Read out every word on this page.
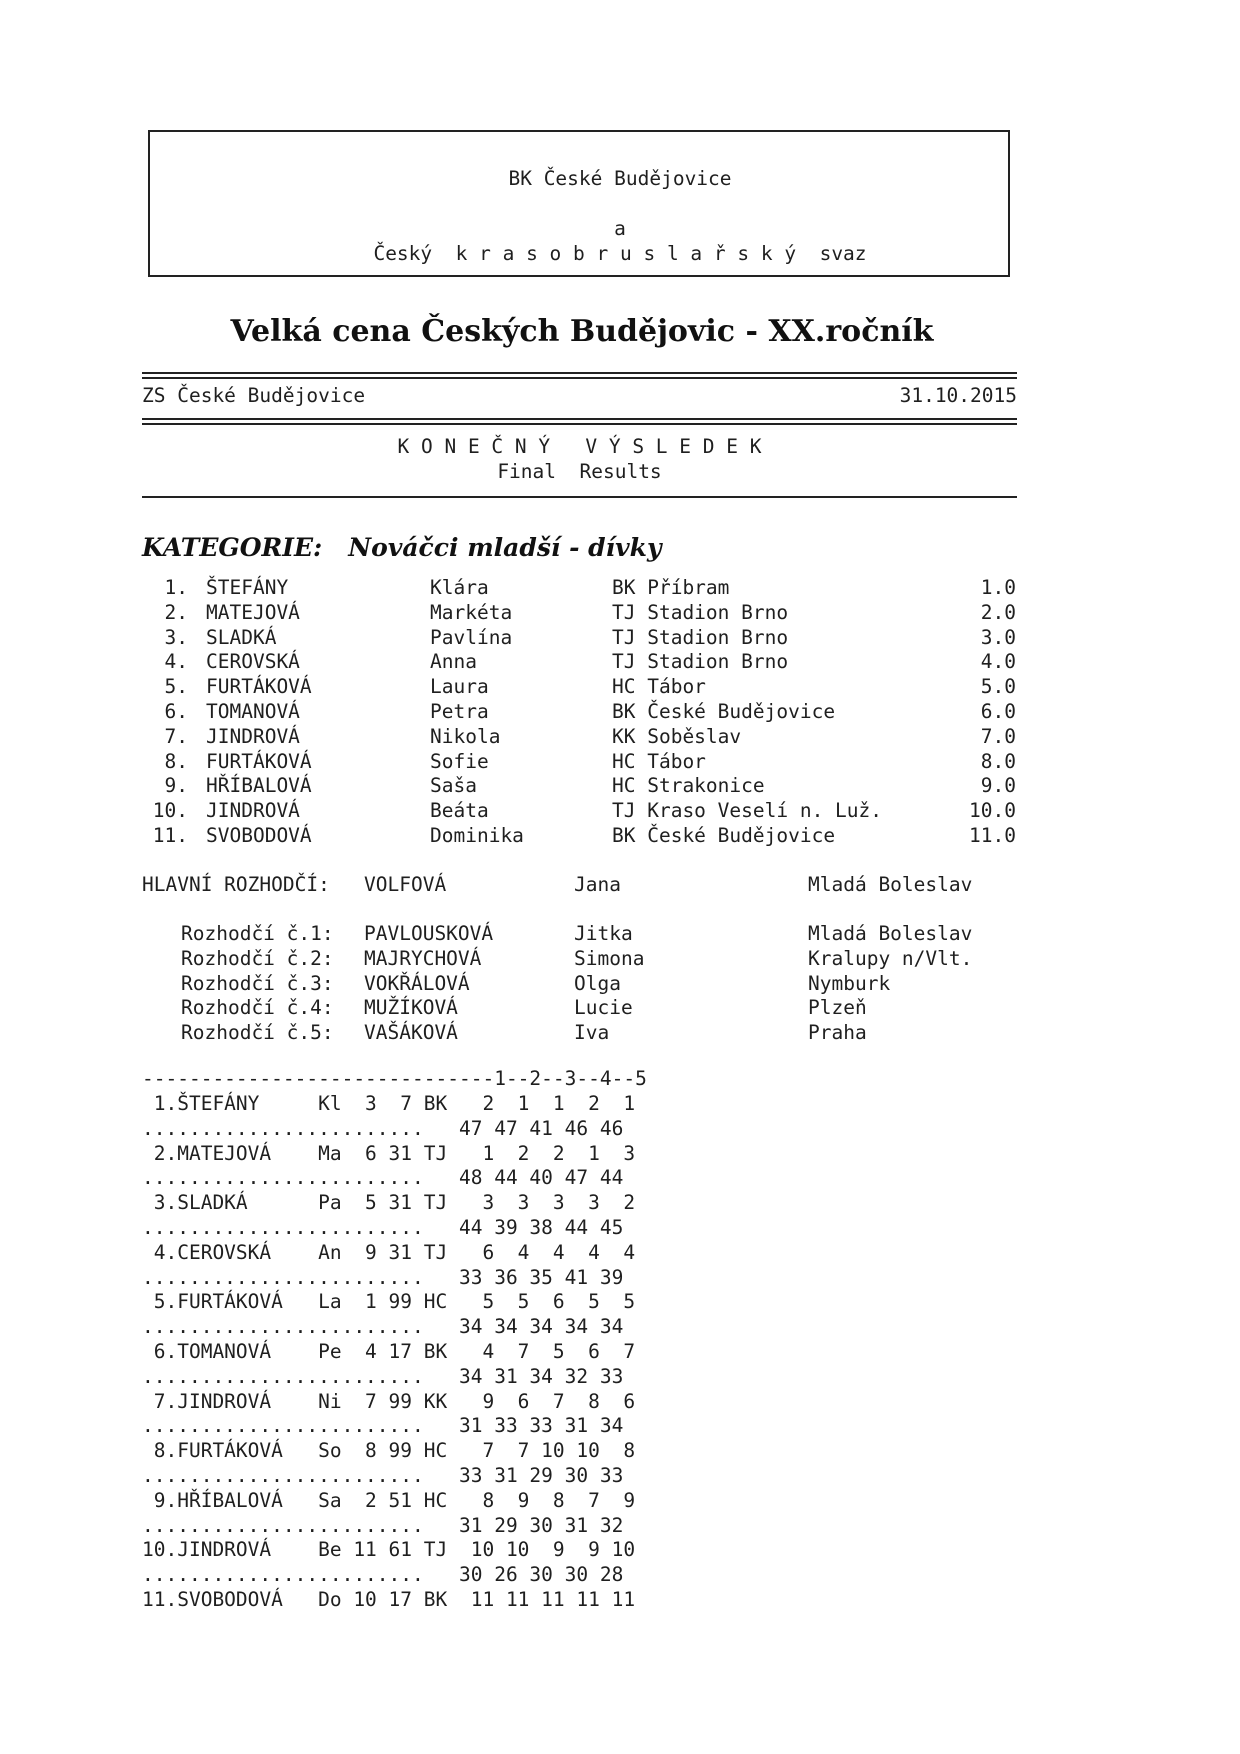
BK České Budějovice
a
Český  k r a s o b r u s l a ř s k ý  svaz
Velká cena Českých Budějovic - XX.ročník
ZS České Budějovice	31.10.2015
K O N E Č N Ý   V Ý S L E D E K
Final  Results
KATEGORIE: Nováčci mladší - dívky
1. ŠTEFÁNY	Klára	BK Příbram	1.0
2. MATEJOVÁ	Markéta	TJ Stadion Brno	2.0
3. SLADKÁ	Pavlína	TJ Stadion Brno	3.0
4. CEROVSKÁ	Anna	TJ Stadion Brno	4.0
5. FURTÁKOVÁ	Laura	HC Tábor	5.0
6. TOMANOVÁ	Petra	BK České Budějovice	6.0
7. JINDROVÁ	Nikola	KK Soběslav	7.0
8. FURTÁKOVÁ	Sofie	HC Tábor	8.0
9. HŘÍBALOVÁ	Saša	HC Strakonice	9.0
10. JINDROVÁ	Beáta	TJ Kraso Veselí n. Luž.	10.0
11. SVOBODOVÁ	Dominika	BK České Budějovice	11.0
HLAVNÍ ROZHODČÍ: VOLFOVÁ	Jana	Mladá Boleslav
Rozhodčí č.1: PAVLOUSKOVÁ	Jitka	Mladá Boleslav
Rozhodčí č.2: MAJRYCHOVÁ	Simona	Kralupy n/Vlt.
Rozhodčí č.3: VOKŘÁLOVÁ	Olga	Nymburk
Rozhodčí č.4: MUŽÍKOVÁ	Lucie	Plzeň
Rozhodčí č.5: VAŠÁKOVÁ	Iva	Praha
------------------------------1--2--3--4--5
1.ŠTEFÁNY     Kl  3  7 BK   2  1  1  2  1
........................   47 47 41 46 46
2.MATEJOVÁ    Ma  6 31 TJ   1  2  2  1  3
........................   48 44 40 47 44
3.SLADKÁ      Pa  5 31 TJ   3  3  3  3  2
........................   44 39 38 44 45
4.CEROVSKÁ    An  9 31 TJ   6  4  4  4  4
........................   33 36 35 41 39
5.FURTÁKOVÁ   La  1 99 HC   5  5  6  5  5
........................   34 34 34 34 34
6.TOMANOVÁ    Pe  4 17 BK   4  7  5  6  7
........................   34 31 34 32 33
7.JINDROVÁ    Ni  7 99 KK   9  6  7  8  6
........................   31 33 33 31 34
8.FURTÁKOVÁ   So  8 99 HC   7  7 10 10  8
........................   33 31 29 30 33
9.HŘÍBALOVÁ   Sa  2 51 HC   8  9  8  7  9
........................   31 29 30 31 32
10.JINDROVÁ    Be 11 61 TJ  10 10  9  9 10
........................   30 26 30 30 28
11.SVOBODOVÁ   Do 10 17 BK  11 11 11 11 11
